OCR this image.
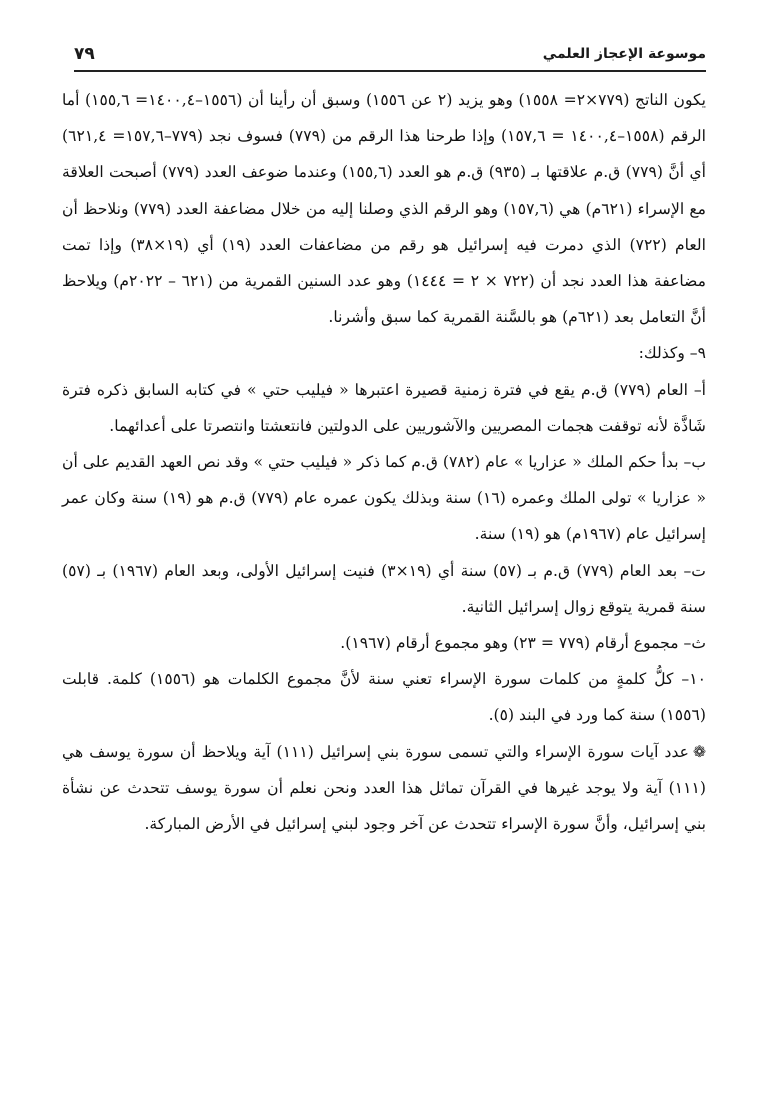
موسوعة الإعجاز العلمي
٧٩

يكون الناتج (٧٧٩×٢= ١٥٥٨) وهو يزيد (٢ عن ١٥٥٦) وسبق أن رأينا أن (١٥٥٦–١٤٠٠,٤= ١٥٥,٦) أما الرقم (١٥٥٨–١٤٠٠,٤ = ١٥٧,٦) وإذا طرحنا هذا الرقم من (٧٧٩) فسوف نجد (٧٧٩–١٥٧,٦= ٦٢١,٤) أي أنَّ (٧٧٩) ق.م علاقتها بـ (٩٣٥) ق.م هو العدد (١٥٥,٦) وعندما ضوعف العدد (٧٧٩) أصبحت العلاقة مع الإسراء (٦٢١م) هي (١٥٧,٦) وهو الرقم الذي وصلنا إليه من خلال مضاعفة العدد (٧٧٩) ونلاحظ أن العام (٧٢٢) الذي دمرت فيه إسرائيل هو رقم من مضاعفات العدد (١٩) أي (١٩×٣٨) وإذا تمت مضاعفة هذا العدد نجد أن (٧٢٢ × ٢ = ١٤٤٤) وهو عدد السنين القمرية من (٦٢١ – ٢٠٢٢م) ويلاحظ أنَّ التعامل بعد (٦٢١م) هو بالسَّنة القمرية كما سبق وأشرنا.

٩– وكذلك:

أ– العام (٧٧٩) ق.م يقع في فترة زمنية قصيرة اعتبرها « فيليب حتي » في كتابه السابق ذكره فترة شَاذَّة لأنه توقفت هجمات المصريين والآشوريين على الدولتين فانتعشتا وانتصرتا على أعدائهما.

ب– بدأ حكم الملك « عزاريا » عام (٧٨٢) ق.م كما ذكر « فيليب حتي » وقد نص العهد القديم على أن « عزاريا » تولى الملك وعمره (١٦) سنة وبذلك يكون عمره عام (٧٧٩) ق.م هو (١٩) سنة وكان عمر إسرائيل عام (١٩٦٧م) هو (١٩) سنة.

ت– بعد العام (٧٧٩) ق.م بـ (٥٧) سنة أي (١٩×٣) فنيت إسرائيل الأولى، وبعد العام (١٩٦٧) بـ (٥٧) سنة قمرية يتوقع زوال إسرائيل الثانية.

ث– مجموع أرقام (٧٧٩ = ٢٣) وهو مجموع أرقام (١٩٦٧).

١٠– كلُّ كلمةٍ من كلمات سورة الإسراء تعني سنة لأنَّ مجموع الكلمات هو (١٥٥٦) كلمة. قابلت (١٥٥٦) سنة كما ورد في البند (٥).

❁عدد آيات سورة الإسراء والتي تسمى سورة بني إسرائيل (١١١) آية ويلاحظ أن سورة يوسف هي (١١١) آية ولا يوجد غيرها في القرآن تماثل هذا العدد ونحن نعلم أن سورة يوسف تتحدث عن نشأة بني إسرائيل، وأنَّ سورة الإسراء تتحدث عن آخر وجود لبني إسرائيل في الأرض المباركة.
